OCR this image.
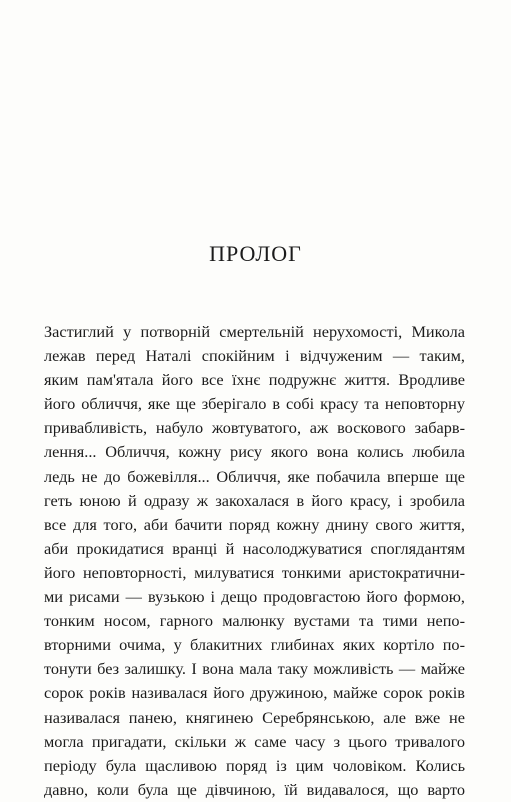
ПРОЛОГ
Застиглий у потворній смертельній нерухомості, Микола
лежав перед Наталі спокійним і відчуженим — таким,
яким пам'ятала його все їхнє подружнє життя. Вродливе
його обличчя, яке ще зберігало в собі красу та неповторну
привабливість, набуло жовтуватого, аж воскового забарв-
лення... Обличчя, кожну рису якого вона колись любила
ледь не до божевілля... Обличчя, яке побачила вперше ще
геть юною й одразу ж закохалася в його красу, і зробила
все для того, аби бачити поряд кожну днину свого життя,
аби прокидатися вранці й насолоджуватися споглядантям
його неповторності, милуватися тонкими аристократични-
ми рисами — вузькою і дещо продовгастою його формою,
тонким носом, гарного малюнку вустами та тими непо-
вторними очима, у блакитних глибинах яких кортіло по-
тонути без залишку. І вона мала таку можливість — майже
сорок років називалася його дружиною, майже сорок років
називалася панею, княгинею Серебрянською, але вже не
могла пригадати, скільки ж саме часу з цього тривалого
періоду була щасливою поряд із цим чоловіком. Колись
давно, коли була ще дівчиною, їй видавалося, що варто
